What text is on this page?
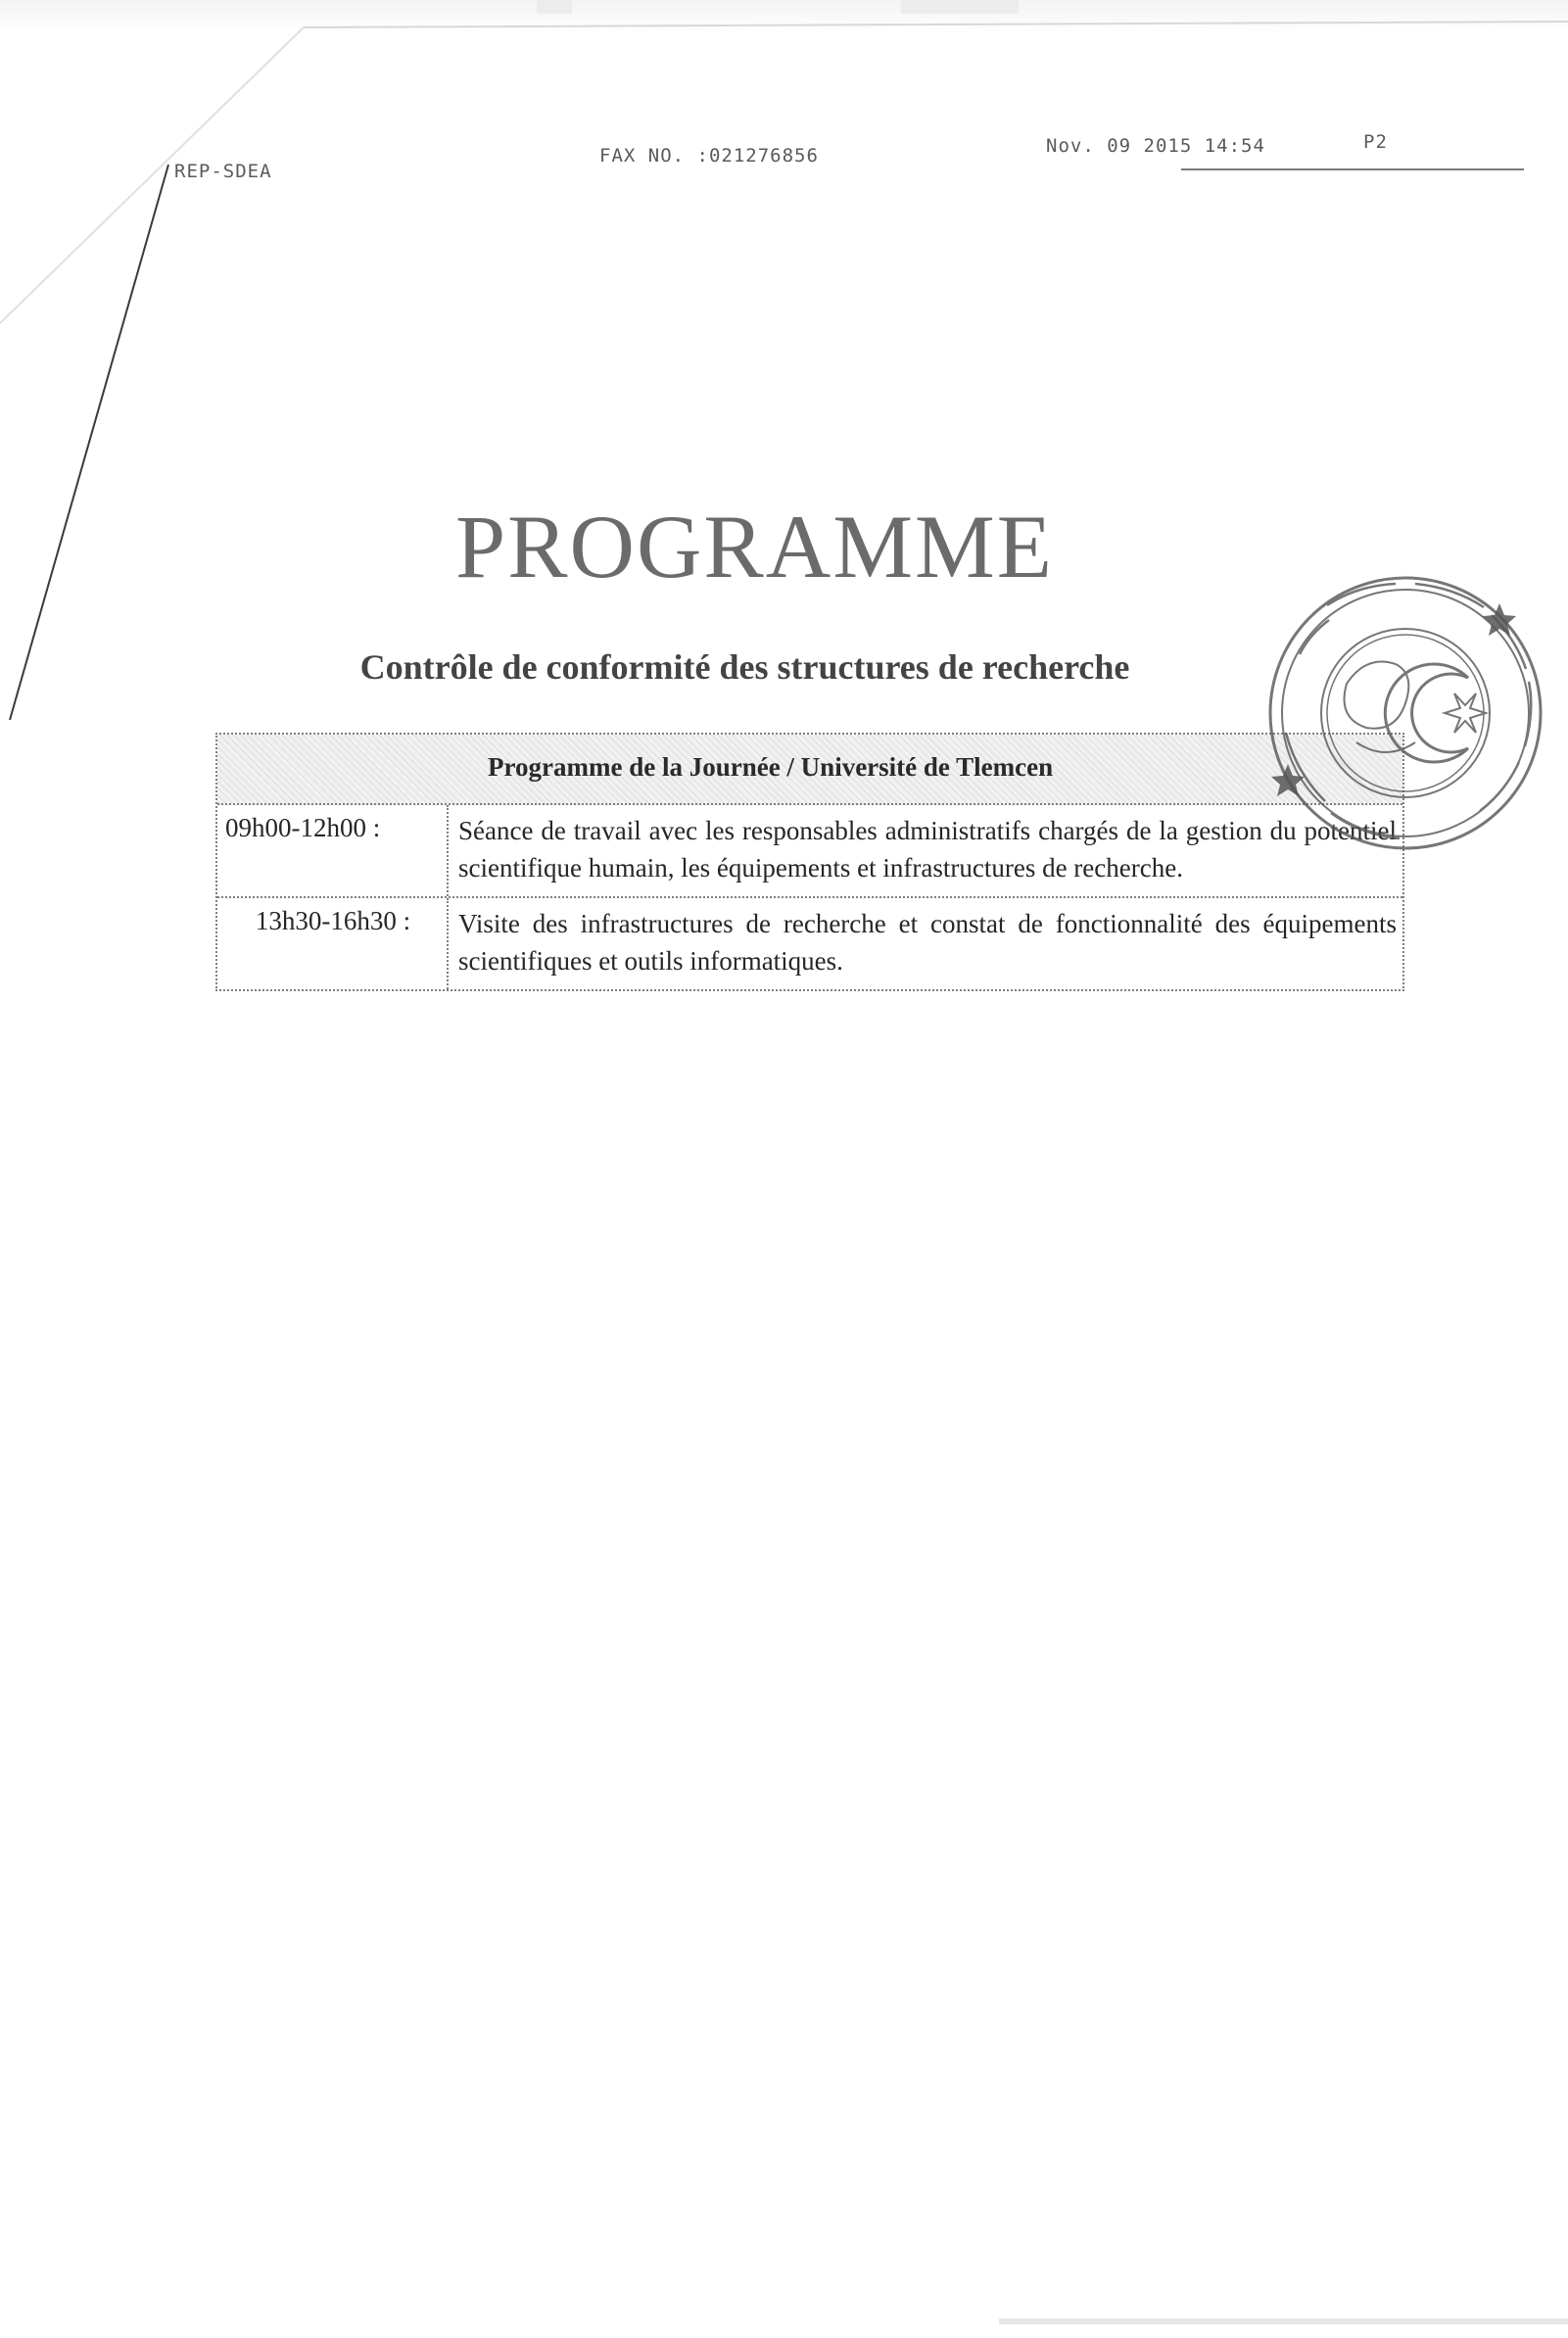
REP-SDEA
FAX NO. :021276856	Nov. 09 2015 14:54	P2
PROGRAMME
Contrôle de conformité des structures de recherche
Programme de la Journée / Université de Tlemcen
09h00-12h00 :	Séance de travail avec les responsables administratifs chargés de la gestion du potentiel scientifique humain, les équipements et infrastructures de recherche.
13h30-16h30 :	Visite des infrastructures de recherche et constat de fonctionnalité des équipements scientifiques et outils informatiques.
